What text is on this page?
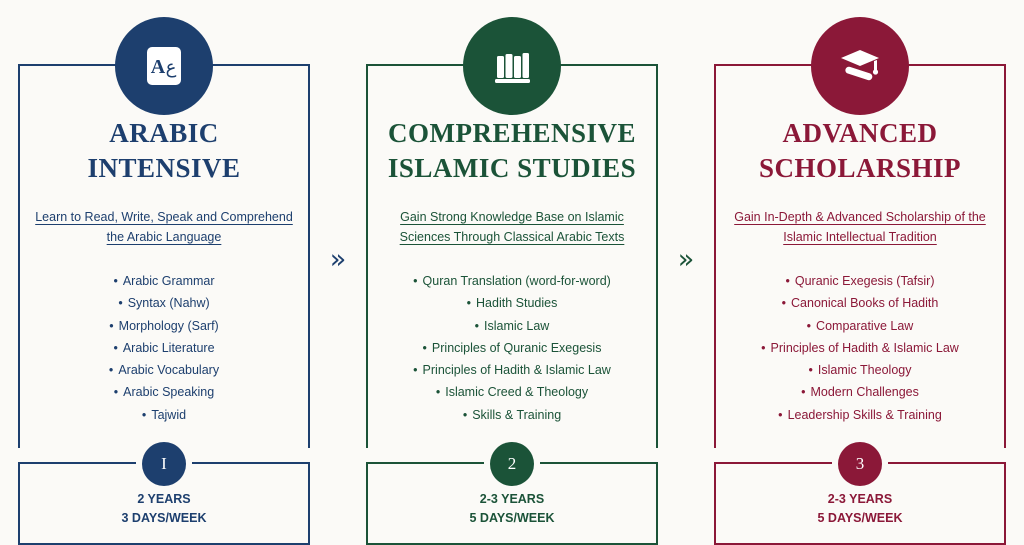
A ع
ARABIC INTENSIVE
Learn to Read, Write, Speak and Comprehend the Arabic Language
• Arabic Grammar
• Syntax (Nahw)
• Morphology (Sarf)
• Arabic Literature
• Arabic Vocabulary
• Arabic Speaking
• Tajwid
I
2 YEARS
3 DAYS/WEEK
»
COMPREHENSIVE ISLAMIC STUDIES
Gain Strong Knowledge Base on Islamic Sciences Through Classical Arabic Texts
• Quran Translation (word-for-word)
• Hadith Studies
• Islamic Law
• Principles of Quranic Exegesis
• Principles of Hadith & Islamic Law
• Islamic Creed & Theology
• Skills & Training
2
2-3 YEARS
5 DAYS/WEEK
»
ADVANCED SCHOLARSHIP
Gain In-Depth & Advanced Scholarship of the Islamic Intellectual Tradition
• Quranic Exegesis (Tafsir)
• Canonical Books of Hadith
• Comparative Law
• Principles of Hadith & Islamic Law
• Islamic Theology
• Modern Challenges
• Leadership Skills & Training
3
2-3 YEARS
5 DAYS/WEEK
